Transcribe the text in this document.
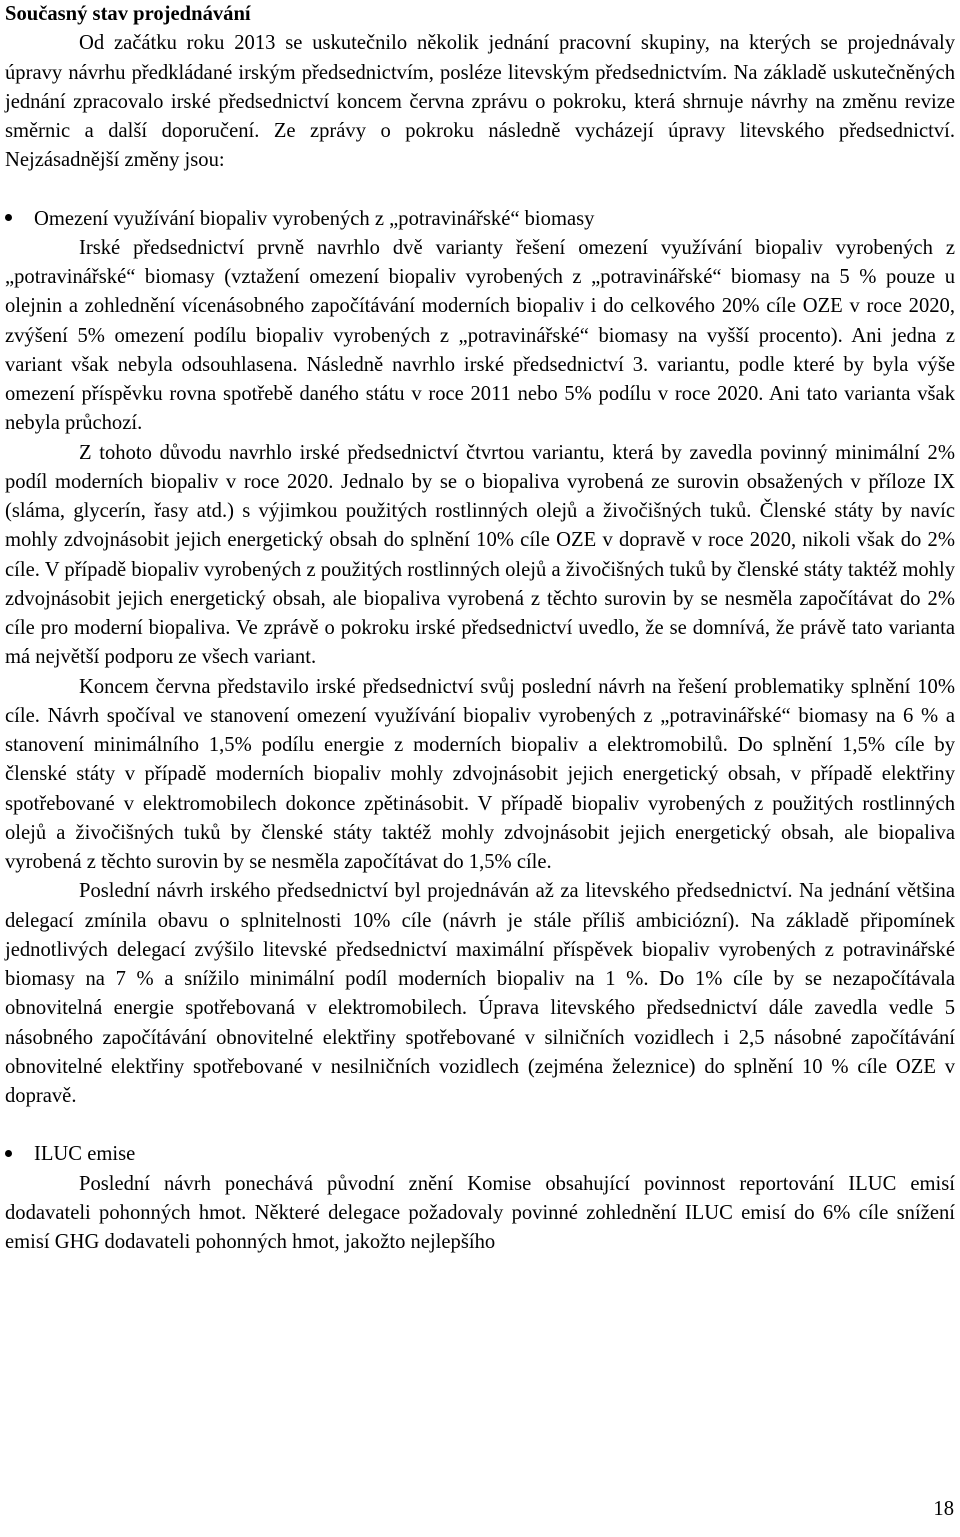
Současný stav projednávání

Od začátku roku 2013 se uskutečnilo několik jednání pracovní skupiny, na kterých se projednávaly úpravy návrhu předkládané irským předsednictvím, posléze litevským předsednictvím. Na základě uskutečněných jednání zpracovalo irské předsednictví koncem června zprávu o pokroku, která shrnuje návrhy na změnu revize směrnic a další doporučení. Ze zprávy o pokroku následně vycházejí úpravy litevského předsednictví. Nejzásadnější změny jsou:

Omezení využívání biopaliv vyrobených z „potravinářské“ biomasy

Irské předsednictví prvně navrhlo dvě varianty řešení omezení využívání biopaliv vyrobených z „potravinářské“ biomasy (vztažení omezení biopaliv vyrobených z „potravinářské“ biomasy na 5 % pouze u olejnin a zohlednění vícenásobného započítávání moderních biopaliv i do celkového 20% cíle OZE v roce 2020, zvýšení 5% omezení podílu biopaliv vyrobených z „potravinářské“ biomasy na vyšší procento). Ani jedna z variant však nebyla odsouhlasena. Následně navrhlo irské předsednictví 3. variantu, podle které by byla výše omezení příspěvku rovna spotřebě daného státu v roce 2011 nebo 5% podílu v roce 2020. Ani tato varianta však nebyla průchozí.

Z tohoto důvodu navrhlo irské předsednictví čtvrtou variantu, která by zavedla povinný minimální 2% podíl moderních biopaliv v roce 2020. Jednalo by se o biopaliva vyrobená ze surovin obsažených v příloze IX (sláma, glycerín, řasy atd.) s výjimkou použitých rostlinných olejů a živočišných tuků. Členské státy by navíc mohly zdvojnásobit jejich energetický obsah do splnění 10% cíle OZE v dopravě v roce 2020, nikoli však do 2% cíle. V případě biopaliv vyrobených z použitých rostlinných olejů a živočišných tuků by členské státy taktéž mohly zdvojnásobit jejich energetický obsah, ale biopaliva vyrobená z těchto surovin by se nesměla započítávat do 2% cíle pro moderní biopaliva. Ve zprávě o pokroku irské předsednictví uvedlo, že se domnívá, že právě tato varianta má největší podporu ze všech variant.

Koncem června představilo irské předsednictví svůj poslední návrh na řešení problematiky splnění 10% cíle. Návrh spočíval ve stanovení omezení využívání biopaliv vyrobených z „potravinářské“ biomasy na 6 % a stanovení minimálního 1,5% podílu energie z moderních biopaliv a elektromobilů. Do splnění 1,5% cíle by členské státy v případě moderních biopaliv mohly zdvojnásobit jejich energetický obsah, v případě elektřiny spotřebované v elektromobilech dokonce zpětinásobit. V případě biopaliv vyrobených z použitých rostlinných olejů a živočišných tuků by členské státy taktéž mohly zdvojnásobit jejich energetický obsah, ale biopaliva vyrobená z těchto surovin by se nesměla započítávat do 1,5% cíle.

Poslední návrh irského předsednictví byl projednáván až za litevského předsednictví. Na jednání většina delegací zmínila obavu o splnitelnosti 10% cíle (návrh je stále příliš ambiciózní). Na základě připomínek jednotlivých delegací zvýšilo litevské předsednictví maximální příspěvek biopaliv vyrobených z potravinářské biomasy na 7 % a snížilo minimální podíl moderních biopaliv na 1 %. Do 1% cíle by se nezapočítávala obnovitelná energie spotřebovaná v elektromobilech. Úprava litevského předsednictví dále zavedla vedle 5 násobného započítávání obnovitelné elektřiny spotřebované v silničních vozidlech i 2,5 násobné započítávání obnovitelné elektřiny spotřebované v nesilničních vozidlech (zejména železnice) do splnění 10 % cíle OZE v dopravě.

ILUC emise

Poslední návrh ponechává původní znění Komise obsahující povinnost reportování ILUC emisí dodavateli pohonných hmot. Některé delegace požadovaly povinné zohlednění ILUC emisí do 6% cíle snížení emisí GHG dodavateli pohonných hmot, jakožto nejlepšího

18
